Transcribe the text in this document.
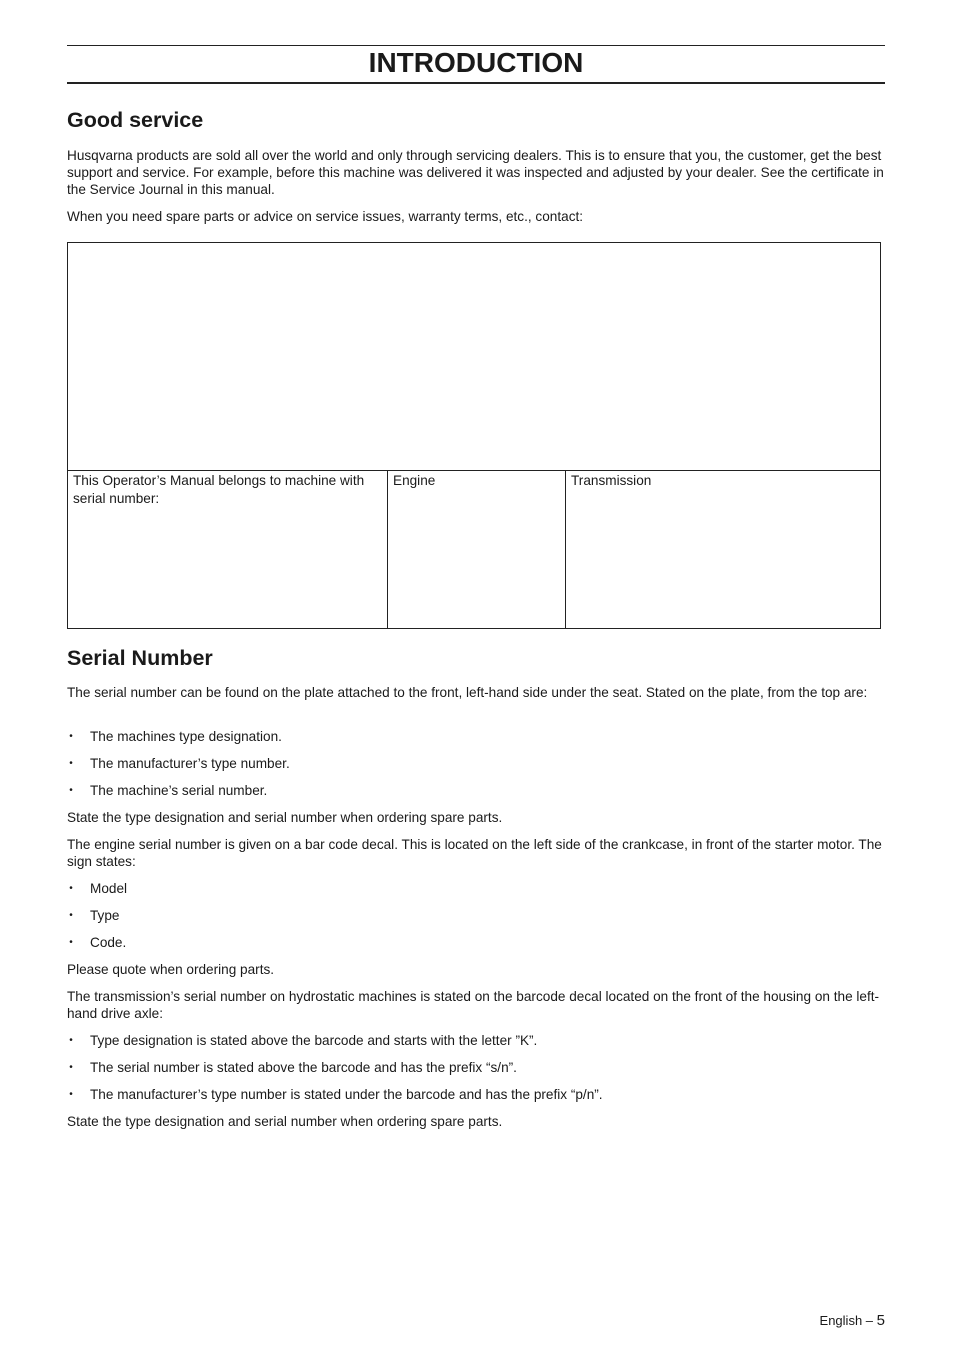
INTRODUCTION
Good service

Husqvarna products are sold all over the world and only through servicing dealers. This is to ensure that you, the customer, get the best support and service. For example, before this machine was delivered it was inspected and adjusted by your dealer. See the certificate in the Service Journal in this manual.

When you need spare parts or advice on service issues, warranty terms, etc., contact:

This Operator’s Manual belongs to machine with serial number:
Engine	Transmission
Serial Number

The serial number can be found on the plate attached to the front, left-hand side under the seat. Stated on the plate, from the top are:

• The machines type designation.
• The manufacturer’s type number.
• The machine’s serial number.

State the type designation and serial number when ordering spare parts.

The engine serial number is given on a bar code decal. This is located on the left side of the crankcase, in front of the starter motor. The sign states:

• Model
• Type
• Code.

Please quote when ordering parts.

The transmission’s serial number on hydrostatic machines is stated on the barcode decal located on the front of the housing on the left-hand drive axle:

• Type designation is stated above the barcode and starts with the letter ”K”.
• The serial number is stated above the barcode and has the prefix “s/n”.
• The manufacturer’s type number is stated under the barcode and has the prefix “p/n”.

State the type designation and serial number when ordering spare parts.

English – 5
